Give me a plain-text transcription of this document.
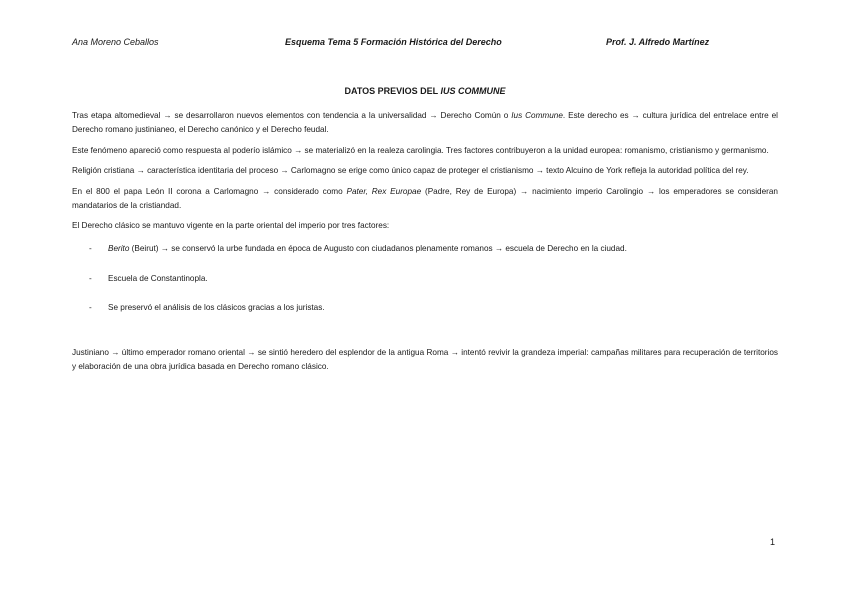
Ana Moreno Ceballos	Esquema Tema 5 Formación Histórica del Derecho	Prof. J. Alfredo Martínez
DATOS PREVIOS DEL IUS COMMUNE

Tras etapa altomedieval → se desarrollaron nuevos elementos con tendencia a la universalidad → Derecho Común o Ius Commune. Este derecho es → cultura jurídica del entrelace entre el Derecho romano justinianeo, el Derecho canónico y el Derecho feudal.

Este fenómeno apareció como respuesta al poderío islámico → se materializó en la realeza carolingia. Tres factores contribuyeron a la unidad europea: romanismo, cristianismo y germanismo.

Religión cristiana → característica identitaria del proceso → Carlomagno se erige como único capaz de proteger el cristianismo → texto Alcuino de York refleja la autoridad política del rey.

En el 800 el papa León II corona a Carlomagno → considerado como Pater, Rex Europae (Padre, Rey de Europa) → nacimiento imperio Carolingio → los emperadores se consideran mandatarios de la cristiandad.

El Derecho clásico se mantuvo vigente en la parte oriental del imperio por tres factores:

- Berito (Beirut) → se conservó la urbe fundada en época de Augusto con ciudadanos plenamente romanos → escuela de Derecho en la ciudad.
- Escuela de Constantinopla.
- Se preservó el análisis de los clásicos gracias a los juristas.

Justiniano → último emperador romano oriental → se sintió heredero del esplendor de la antigua Roma → intentó revivir la grandeza imperial: campañas militares para recuperación de territorios y elaboración de una obra jurídica basada en Derecho romano clásico.

1
